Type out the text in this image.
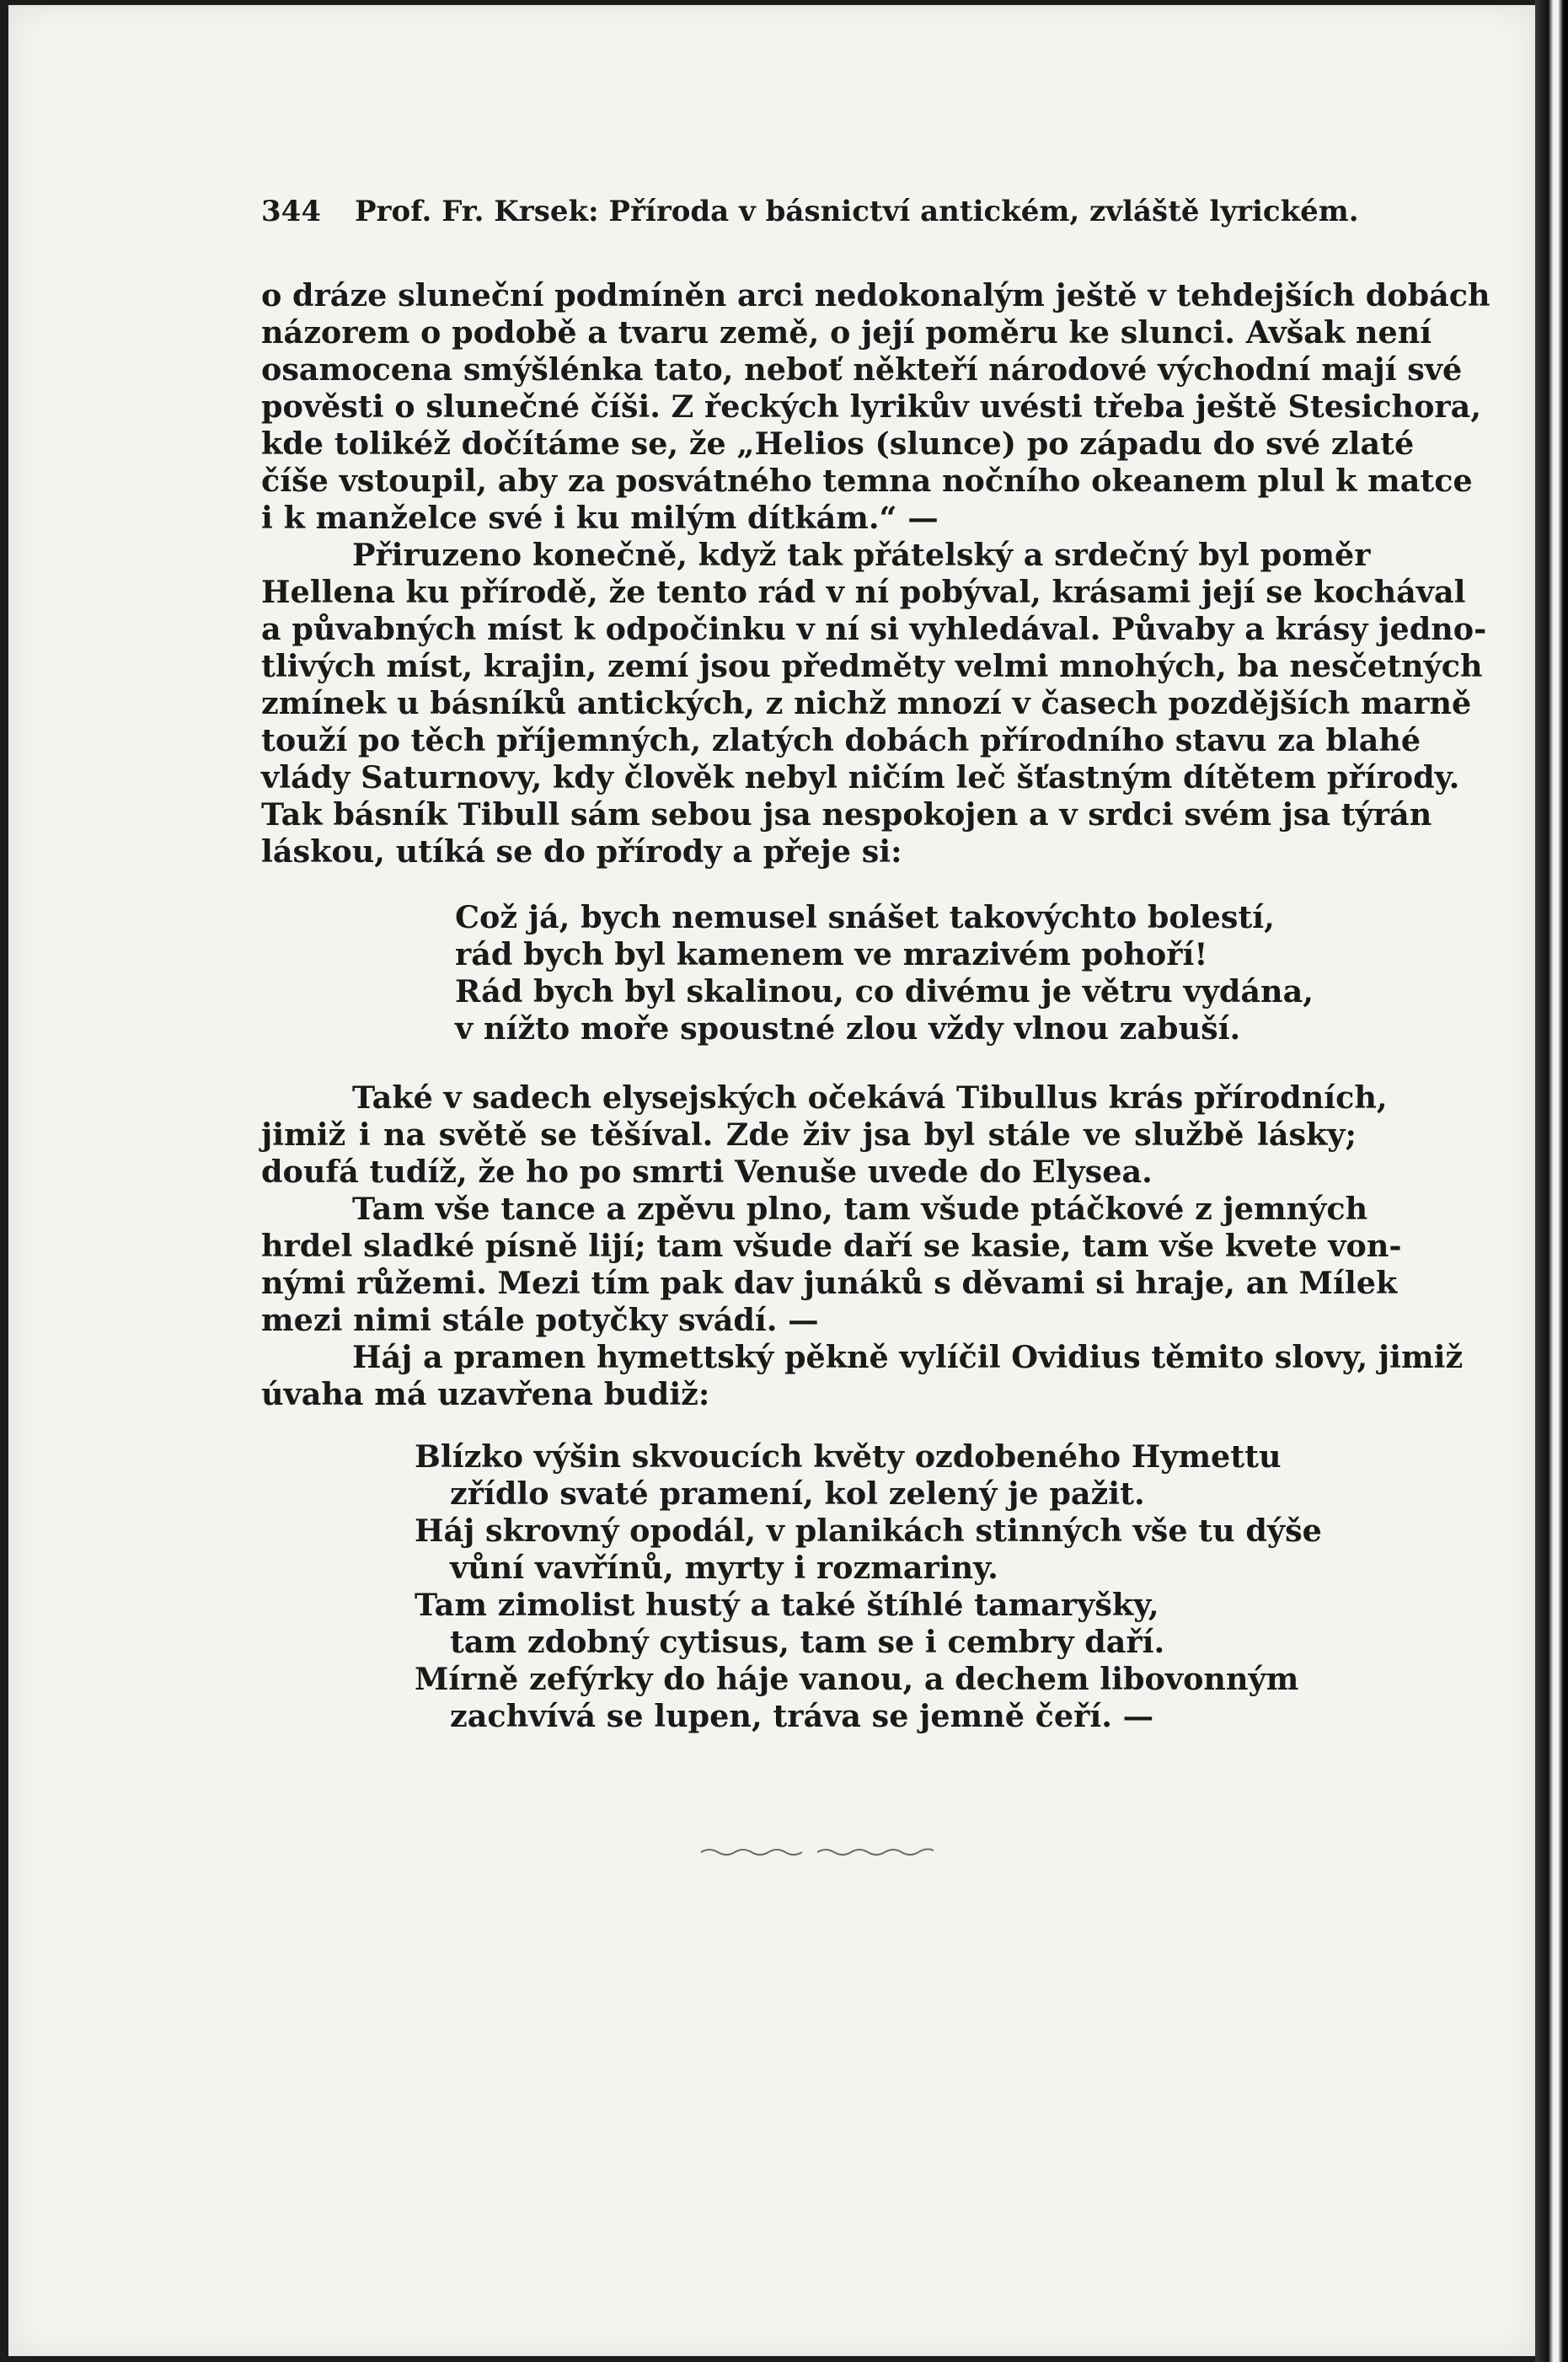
344 Prof. Fr. Krsek: Příroda v básnictví antickém, zvláště lyrickém.

o dráze sluneční podmíněn arci nedokonalým ještě v tehdejších dobách
názorem o podobě a tvaru země, o její poměru ke slunci. Avšak není
osamocena smýšlénka tato, neboť někteří národové východní mají své
pověsti o slunečné číši. Z řeckých lyrikův uvésti třeba ještě Stesichora,
kde tolikéž dočítáme se, že „Helios (slunce) po západu do své zlaté
číše vstoupil, aby za posvátného temna nočního okeanem plul k matce
i k manželce své i ku milým dítkám.“ —

Přiruzeno konečně, když tak přátelský a srdečný byl poměr
Hellena ku přírodě, že tento rád v ní pobýval, krásami její se kochával
a půvabných míst k odpočinku v ní si vyhledával. Půvaby a krásy jedno-
tlivých míst, krajin, zemí jsou předměty velmi mnohých, ba nesčetných
zmínek u básníků antických, z nichž mnozí v časech pozdějších marně
touží po těch příjemných, zlatých dobách přírodního stavu za blahé
vlády Saturnovy, kdy člověk nebyl ničím leč šťastným dítětem přírody.
Tak básník Tibull sám sebou jsa nespokojen a v srdci svém jsa týrán
láskou, utíká se do přírody a přeje si:

Což já, bych nemusel snášet takovýchto bolestí,
rád bych byl kamenem ve mrazivém pohoří!
Rád bych byl skalinou, co divému je větru vydána,
v nížto moře spoustné zlou vždy vlnou zabuší.

Také v sadech elysejských očekává Tibullus krás přírodních,
jimiž i na světě se těšíval. Zde živ jsa byl stále ve službě lásky;
doufá tudíž, že ho po smrti Venuše uvede do Elysea.

Tam vše tance a zpěvu plno, tam všude ptáčkové z jemných
hrdel sladké písně lijí; tam všude daří se kasie, tam vše kvete von-
nými růžemi. Mezi tím pak dav junáků s děvami si hraje, an Mílek
mezi nimi stále potyčky svádí. —

Háj a pramen hymettský pěkně vylíčil Ovidius těmito slovy, jimiž
úvaha má uzavřena budiž:

Blízko výšin skvoucích květy ozdobeného Hymettu
zřídlo svaté pramení, kol zelený je pažit.
Háj skrovný opodál, v planikách stinných vše tu dýše
vůní vavřínů, myrty i rozmariny.
Tam zimolist hustý a také štíhlé tamaryšky,
tam zdobný cytisus, tam se i cembry daří.
Mírně zefýrky do háje vanou, a dechem libovonným
zachvívá se lupen, tráva se jemně čeří. —
